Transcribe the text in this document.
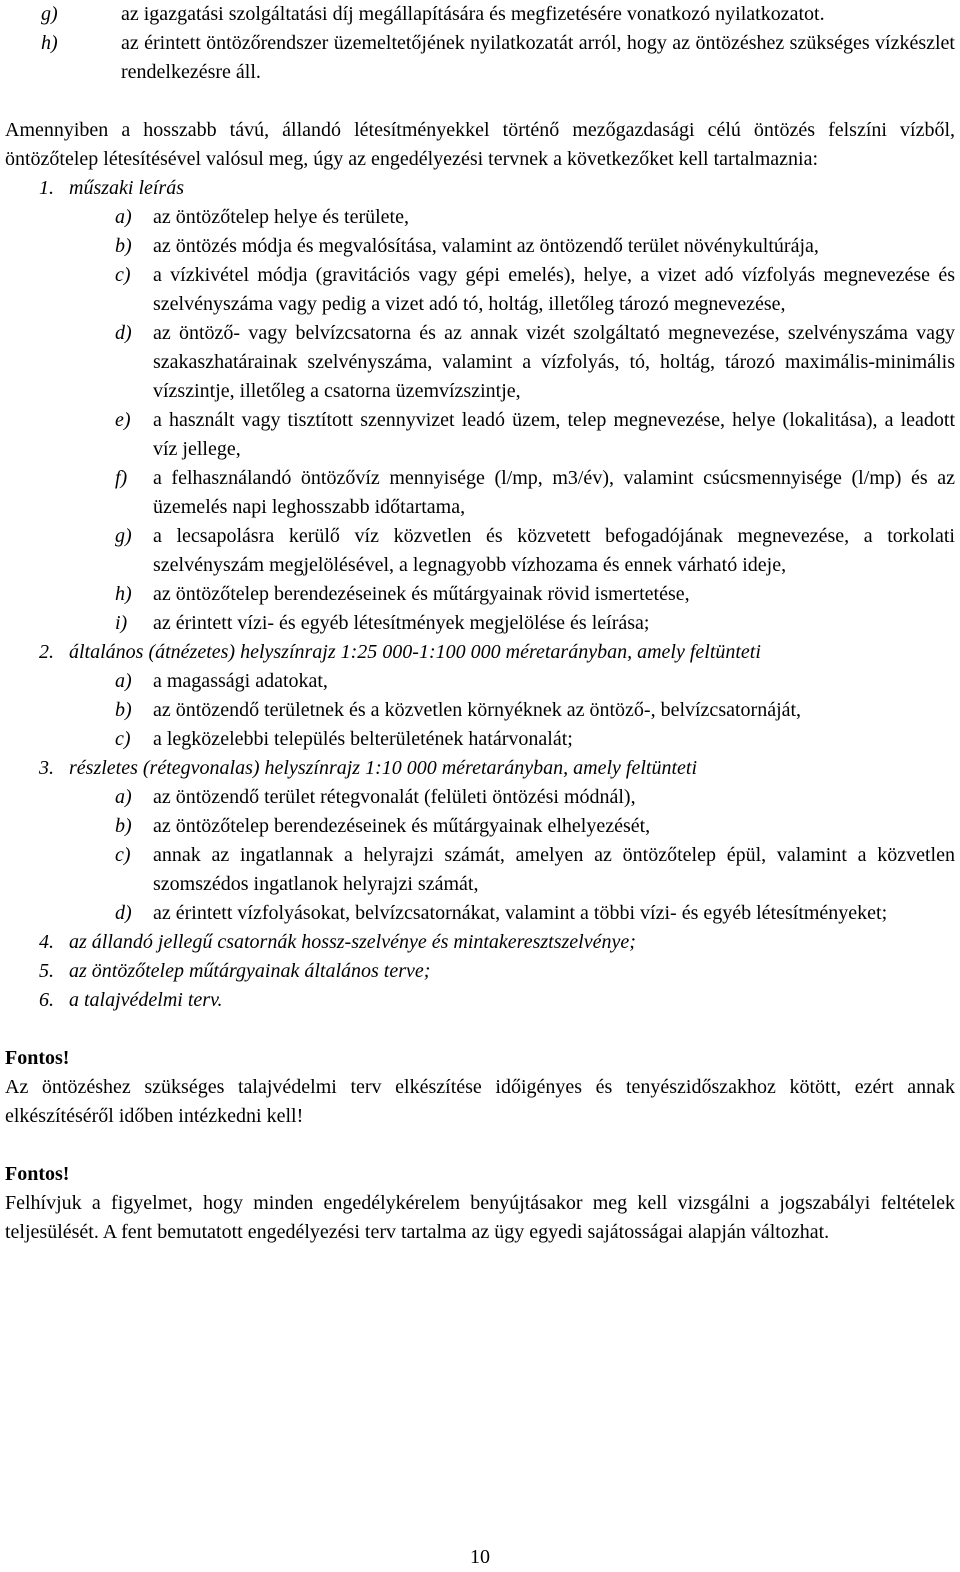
g)	az igazgatási szolgáltatási díj megállapítására és megfizetésére vonatkozó nyilatkozatot.
h)	az érintett öntözőrendszer üzemeltetőjének nyilatkozatát arról, hogy az öntözéshez szükséges vízkészlet rendelkezésre áll.

Amennyiben a hosszabb távú, állandó létesítményekkel történő mezőgazdasági célú öntözés felszíni vízből, öntözőtelep létesítésével valósul meg, úgy az engedélyezési tervnek a következőket kell tartalmaznia:

1. műszaki leírás
a)	az öntözőtelep helye és területe,
b)	az öntözés módja és megvalósítása, valamint az öntözendő terület növénykultúrája,
c)	a vízkivétel módja (gravitációs vagy gépi emelés), helye, a vizet adó vízfolyás megnevezése és szelvényszáma vagy pedig a vizet adó tó, holtág, illetőleg tározó megnevezése,
d)	az öntöző- vagy belvízcsatorna és az annak vizét szolgáltató megnevezése, szelvényszáma vagy szakaszhatárainak szelvényszáma, valamint a vízfolyás, tó, holtág, tározó maximális-minimális vízszintje, illetőleg a csatorna üzemvízszintje,
e)	a használt vagy tisztított szennyvizet leadó üzem, telep megnevezése, helye (lokalitása), a leadott víz jellege,
f)	a felhasználandó öntözővíz mennyisége (l/mp, m3/év), valamint csúcsmennyisége (l/mp) és az üzemelés napi leghosszabb időtartama,
g)	a lecsapolásra kerülő víz közvetlen és közvetett befogadójának megnevezése, a torkolati szelvényszám megjelölésével, a legnagyobb vízhozama és ennek várható ideje,
h)	az öntözőtelep berendezéseinek és műtárgyainak rövid ismertetése,
i)	az érintett vízi- és egyéb létesítmények megjelölése és leírása;
2. általános (átnézetes) helyszínrajz 1:25 000-1:100 000 méretarányban, amely feltünteti
a)	a magassági adatokat,
b)	az öntözendő területnek és a közvetlen környéknek az öntöző-, belvízcsatornáját,
c)	a legközelebbi település belterületének határvonalát;
3. részletes (rétegvonalas) helyszínrajz 1:10 000 méretarányban, amely feltünteti
a)	az öntözendő terület rétegvonalát (felületi öntözési módnál),
b)	az öntözőtelep berendezéseinek és műtárgyainak elhelyezését,
c)	annak az ingatlannak a helyrajzi számát, amelyen az öntözőtelep épül, valamint a közvetlen szomszédos ingatlanok helyrajzi számát,
d)	az érintett vízfolyásokat, belvízcsatornákat, valamint a többi vízi- és egyéb létesítményeket;
4. az állandó jellegű csatornák hossz-szelvénye és mintakeresztszelvénye;
5. az öntözőtelep műtárgyainak általános terve;
6. a talajvédelmi terv.
Fontos!
Az öntözéshez szükséges talajvédelmi terv elkészítése időigényes és tenyészidőszakhoz kötött, ezért annak elkészítéséről időben intézkedni kell!
Fontos!
Felhívjuk a figyelmet, hogy minden engedélykérelem benyújtásakor meg kell vizsgálni a jogszabályi feltételek teljesülését. A fent bemutatott engedélyezési terv tartalma az ügy egyedi sajátosságai alapján változhat.
10
